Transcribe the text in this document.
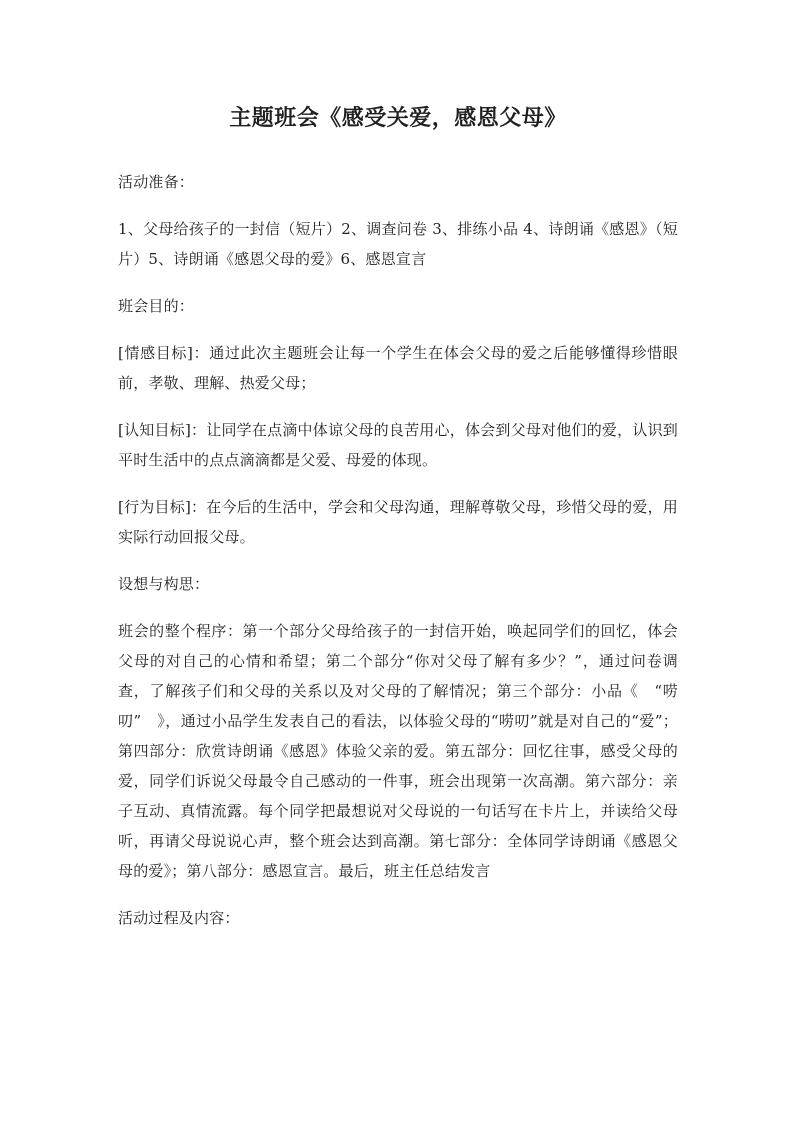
主题班会《感受关爱，感恩父母》

活动准备：

1、父母给孩子的一封信（短片）2、调查问卷 3、排练小品 4、诗朗诵《感恩》（短片）5、诗朗诵《感恩父母的爱》6、感恩宣言

班会目的：

[情感目标]：通过此次主题班会让每一个学生在体会父母的爱之后能够懂得珍惜眼前，孝敬、理解、热爱父母；

[认知目标]：让同学在点滴中体谅父母的良苦用心，体会到父母对他们的爱，认识到平时生活中的点点滴滴都是父爱、母爱的体现。

[行为目标]：在今后的生活中，学会和父母沟通，理解尊敬父母，珍惜父母的爱，用实际行动回报父母。

设想与构思：

班会的整个程序：第一个部分父母给孩子的一封信开始，唤起同学们的回忆，体会父母的对自己的心情和希望；第二个部分“你对父母了解有多少？”，通过问卷调查，了解孩子们和父母的关系以及对父母的了解情况；第三个部分：小品《　“唠叨”　》，通过小品学生发表自己的看法，以体验父母的“唠叨”就是对自己的“爱”；第四部分：欣赏诗朗诵《感恩》体验父亲的爱。第五部分：回忆往事，感受父母的爱，同学们诉说父母最令自己感动的一件事，班会出现第一次高潮。第六部分：亲子互动、真情流露。每个同学把最想说对父母说的一句话写在卡片上，并读给父母听，再请父母说说心声，整个班会达到高潮。第七部分：全体同学诗朗诵《感恩父母的爱》；第八部分：感恩宣言。最后，班主任总结发言

活动过程及内容：
